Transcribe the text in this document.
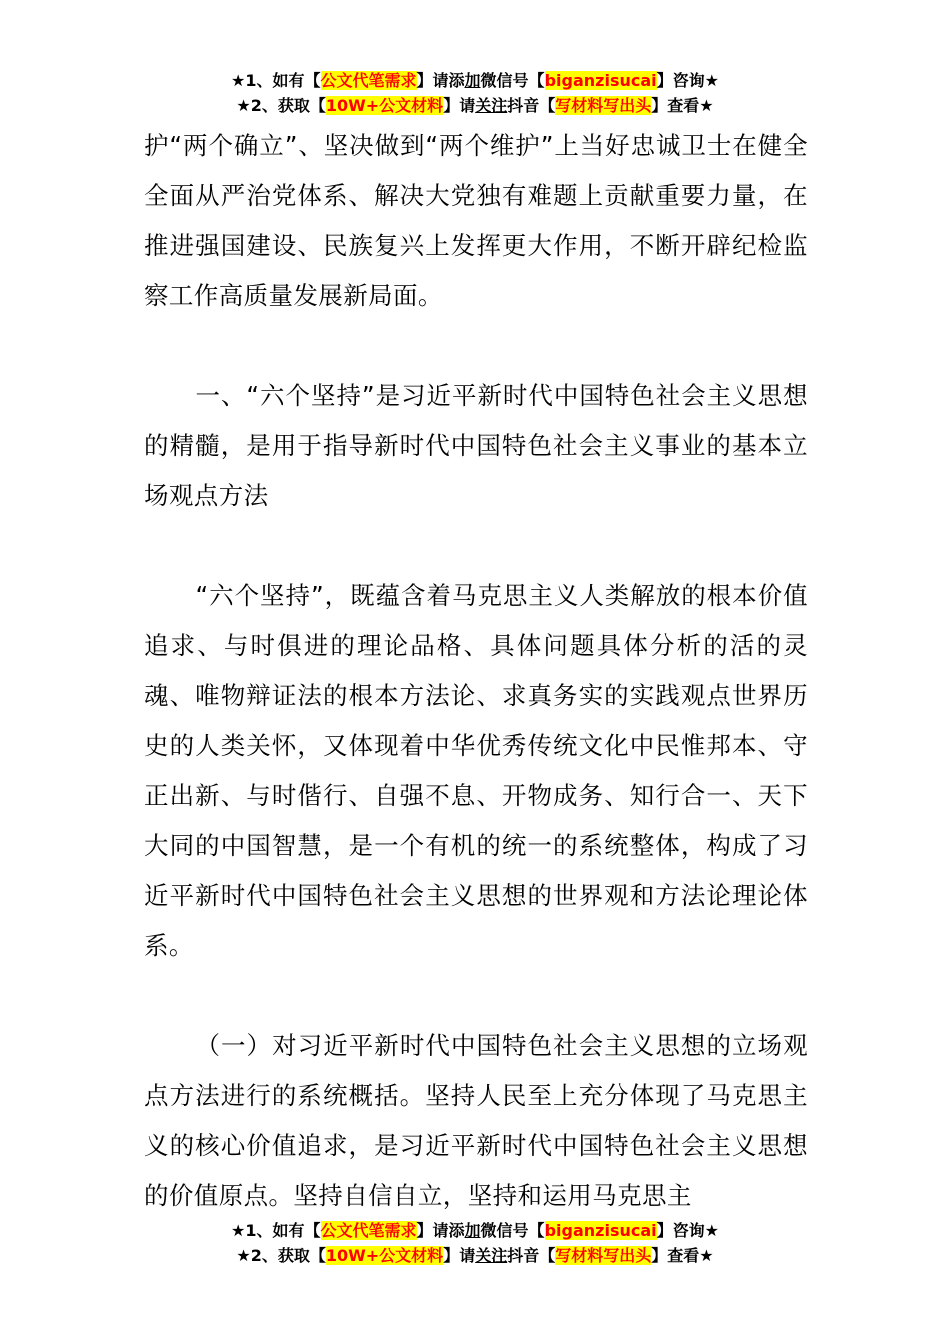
★1、如有【公文代笔需求】请添加微信号【biganzisucai】咨询★
★2、获取【10W+公文材料】请关注抖音【写材料写出头】查看★

护“两个确立”、坚决做到“两个维护”上当好忠诚卫士在健全全面从严治党体系、解决大党独有难题上贡献重要力量，在推进强国建设、民族复兴上发挥更大作用，不断开辟纪检监察工作高质量发展新局面。

一、“六个坚持”是习近平新时代中国特色社会主义思想的精髓，是用于指导新时代中国特色社会主义事业的基本立场观点方法

“六个坚持”，既蕴含着马克思主义人类解放的根本价值追求、与时俱进的理论品格、具体问题具体分析的活的灵魂、唯物辩证法的根本方法论、求真务实的实践观点世界历史的人类关怀，又体现着中华优秀传统文化中民惟邦本、守正出新、与时偕行、自强不息、开物成务、知行合一、天下大同的中国智慧，是一个有机的统一的系统整体，构成了习近平新时代中国特色社会主义思想的世界观和方法论理论体系。

（一）对习近平新时代中国特色社会主义思想的立场观点方法进行的系统概括。坚持人民至上充分体现了马克思主义的核心价值追求，是习近平新时代中国特色社会主义思想的价值原点。坚持自信自立，坚持和运用马克思主

★1、如有【公文代笔需求】请添加微信号【biganzisucai】咨询★
★2、获取【10W+公文材料】请关注抖音【写材料写出头】查看★
